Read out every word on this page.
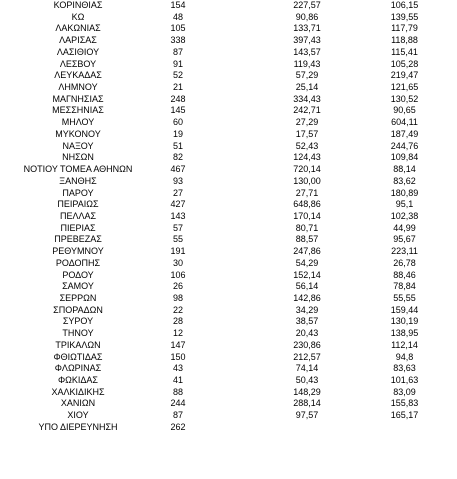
ΚΟΡΙΝΘΙΑΣ	154	227,57	106,15
ΚΩ	48	90,86	139,55
ΛΑΚΩΝΙΑΣ	105	133,71	117,79
ΛΑΡΙΣΑΣ	338	397,43	118,88
ΛΑΣΙΘΙΟΥ	87	143,57	115,41
ΛΕΣΒΟΥ	91	119,43	105,28
ΛΕΥΚΑΔΑΣ	52	57,29	219,47
ΛΗΜΝΟΥ	21	25,14	121,65
ΜΑΓΝΗΣΙΑΣ	248	334,43	130,52
ΜΕΣΣΗΝΙΑΣ	145	242,71	90,65
ΜΗΛΟΥ	60	27,29	604,11
ΜΥΚΟΝΟΥ	19	17,57	187,49
ΝΑΞΟΥ	51	52,43	244,76
ΝΗΣΩΝ	82	124,43	109,84
ΝΟΤΙΟΥ ΤΟΜΕΑ ΑΘΗΝΩΝ	467	720,14	88,14
ΞΑΝΘΗΣ	93	130,00	83,62
ΠΑΡΟΥ	27	27,71	180,89
ΠΕΙΡΑΙΩΣ	427	648,86	95,1
ΠΕΛΛΑΣ	143	170,14	102,38
ΠΙΕΡΙΑΣ	57	80,71	44,99
ΠΡΕΒΕΖΑΣ	55	88,57	95,67
ΡΕΘΥΜΝΟΥ	191	247,86	223,11
ΡΟΔΟΠΗΣ	30	54,29	26,78
ΡΟΔΟΥ	106	152,14	88,46
ΣΑΜΟΥ	26	56,14	78,84
ΣΕΡΡΩΝ	98	142,86	55,55
ΣΠΟΡΑΔΩΝ	22	34,29	159,44
ΣΥΡΟΥ	28	38,57	130,19
ΤΗΝΟΥ	12	20,43	138,95
ΤΡΙΚΑΛΩΝ	147	230,86	112,14
ΦΘΙΩΤΙΔΑΣ	150	212,57	94,8
ΦΛΩΡΙΝΑΣ	43	74,14	83,63
ΦΩΚΙΔΑΣ	41	50,43	101,63
ΧΑΛΚΙΔΙΚΗΣ	88	148,29	83,09
ΧΑΝΙΩΝ	244	288,14	155,83
ΧΙΟΥ	87	97,57	165,17
ΥΠΟ ΔΙΕΡΕΥΝΗΣΗ	262
